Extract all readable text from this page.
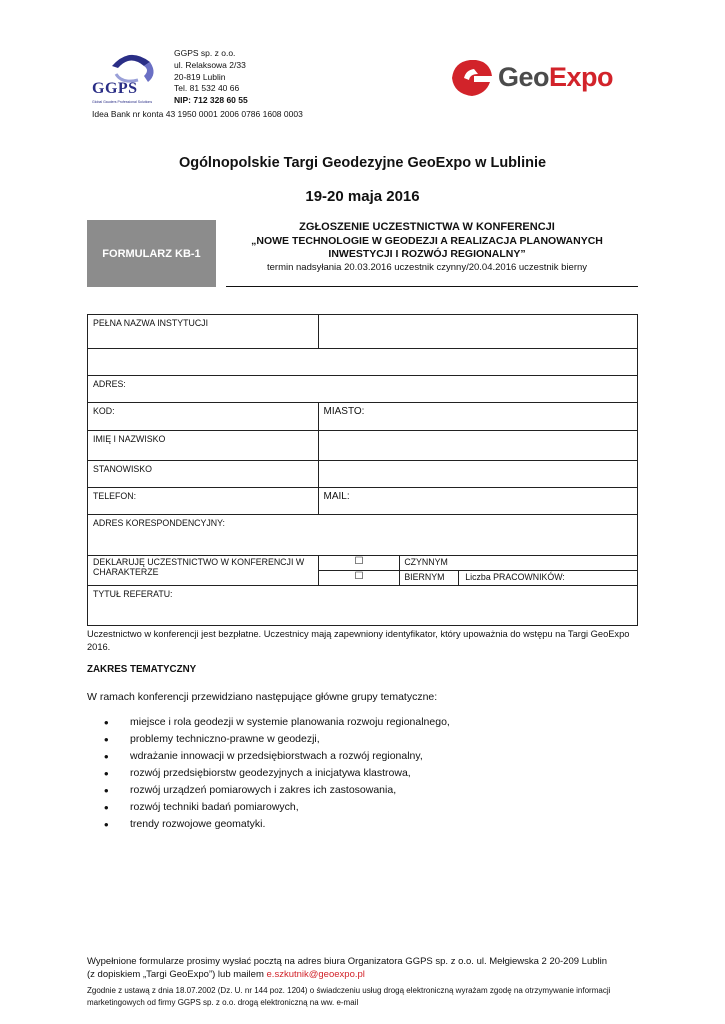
GGPS
Global Gauders Professional Solutions
GGPS sp. z o.o.
ul. Relaksowa 2/33
20-819 Lublin
Tel. 81 532 40 66
NIP: 712 328 60 55
Idea Bank nr konta 43 1950 0001 2006 0786 1608 0003
GeoExpo
Ogólnopolskie Targi Geodezyjne GeoExpo w Lublinie
19-20 maja 2016
FORMULARZ KB-1
ZGŁOSZENIE UCZESTNICTWA W KONFERENCJI
„NOWE TECHNOLOGIE W GEODEZJI A REALIZACJA PLANOWANYCH
INWESTYCJI I ROZWÓJ REGIONALNY”
termin nadsyłania 20.03.2016 uczestnik czynny/20.04.2016 uczestnik bierny
PEŁNA NAZWA INSTYTUCJI			

ADRES:			
KOD:	MIASTO:		
IMIĘ I NAZWISKO			
STANOWISKO			
TELEFON:	MAIL:		
ADRES KORESPONDENCYJNY:			
DEKLARUJĘ UCZESTNICTWO W KONFERENCJI W CHARAKTERZE	☐	CZYNNYM	
	☐	BIERNYM	Liczba PRACOWNIKÓW:
TYTUŁ REFERATU:			
Uczestnictwo w konferencji jest bezpłatne. Uczestnicy mają zapewniony identyfikator, który upoważnia do wstępu na Targi GeoExpo 2016.
ZAKRES TEMATYCZNY
W ramach konferencji przewidziano następujące główne grupy tematyczne:
• miejsce i rola geodezji w systemie planowania rozwoju regionalnego,
• problemy techniczno-prawne w geodezji,
• wdrażanie innowacji w przedsiębiorstwach a rozwój regionalny,
• rozwój przedsiębiorstw geodezyjnych a inicjatywa klastrowa,
• rozwój urządzeń pomiarowych i zakres ich zastosowania,
• rozwój techniki badań pomiarowych,
• trendy rozwojowe geomatyki.
Wypełnione formularze prosimy wysłać pocztą na adres biura Organizatora GGPS sp. z o.o. ul. Mełgiewska 2 20-209 Lublin
(z dopiskiem „Targi GeoExpo”) lub mailem e.szkutnik@geoexpo.pl
Zgodnie z ustawą z dnia 18.07.2002 (Dz. U. nr 144 poz. 1204) o świadczeniu usług drogą elektroniczną wyrażam zgodę na otrzymywanie informacji marketingowych od firmy GGPS sp. z o.o. drogą elektroniczną na ww. e-mail
